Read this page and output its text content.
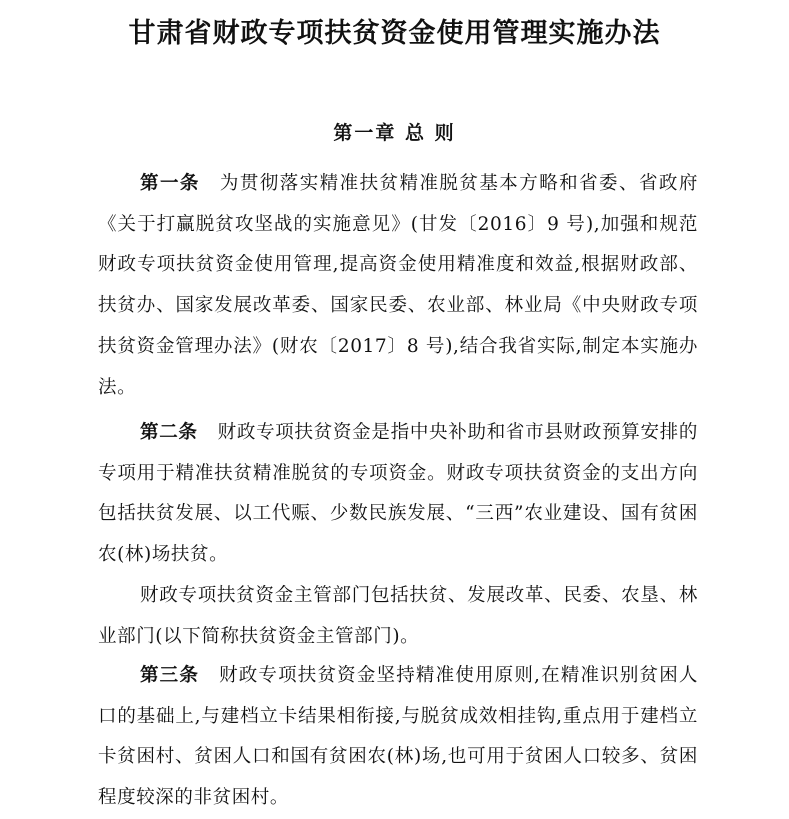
甘肃省财政专项扶贫资金使用管理实施办法
第一章 总 则

第一条 为贯彻落实精准扶贫精准脱贫基本方略和省委、省政府《关于打赢脱贫攻坚战的实施意见》(甘发〔2016〕9 号),加强和规范财政专项扶贫资金使用管理,提高资金使用精准度和效益,根据财政部、扶贫办、国家发展改革委、国家民委、农业部、林业局《中央财政专项扶贫资金管理办法》(财农〔2017〕8 号),结合我省实际,制定本实施办法。

第二条 财政专项扶贫资金是指中央补助和省市县财政预算安排的专项用于精准扶贫精准脱贫的专项资金。财政专项扶贫资金的支出方向包括扶贫发展、以工代赈、少数民族发展、“三西”农业建设、国有贫困农(林)场扶贫。

财政专项扶贫资金主管部门包括扶贫、发展改革、民委、农垦、林业部门(以下简称扶贫资金主管部门)。

第三条 财政专项扶贫资金坚持精准使用原则,在精准识别贫困人口的基础上,与建档立卡结果相衔接,与脱贫成效相挂钩,重点用于建档立卡贫困村、贫困人口和国有贫困农(林)场,也可用于贫困人口较多、贫困程度较深的非贫困村。
